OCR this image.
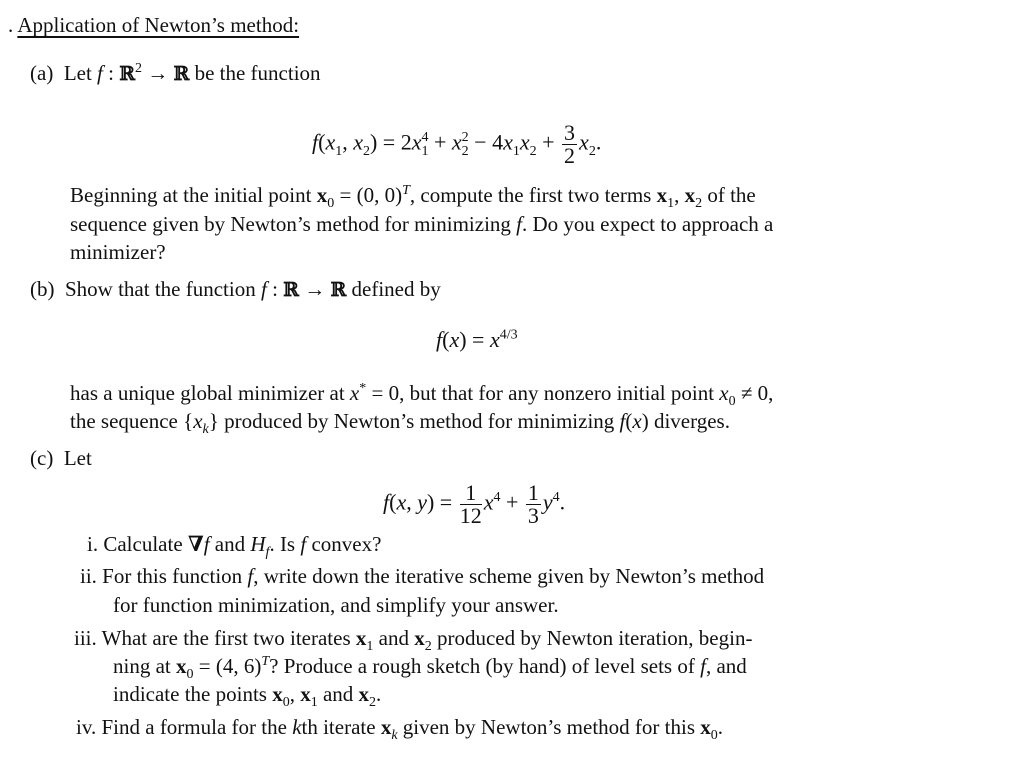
. Application of Newton’s method:
(a)  Let f : ℝ$^2$ → ℝ be the function
$f(x_1$, $x_2) = 2x_1^4 + x_2^2 - 4x_1x_2 + \frac{3}{2} x_2$.
Beginning at the initial point $x_0 = (0$, 0)$^T$, compute the first two terms $x_1$, $x_2$ of the
sequence given by Newton’s method for minimizing f. Do you expect to approach a
minimizer?
(b) Show that the function f : ℝ → ℝ defined by
$f(x) = x^{4/3}$
has a unique global minimizer at x* = 0, but that for any nonzero initial point $x_0 \ne 0$,
the sequence $\{x_k\}$ produced by Newton’s method for minimizing f(x) diverges.
(c) Let
f(x, $y) = \frac{1}{12} x^4 + \frac{1}{3} y^4$.
i. Calculate ∇f and $H_f$. Is f convex?
ii. For this function f, write down the iterative scheme given by Newton’s method
for function minimization, and simplify your answer.
iii. What are the first two iterates $x_1$ and $x_2$ produced by Newton iteration, begin-
ning at $x_0 = (4$, 6)$^T$? Produce a rough sketch (by hand) of level sets of f, and
indicate the points $x_0$, $x_1$ and $x_2$.
iv. Find a formula for the kth iterate $x_k$ given by Newton’s method for this $x_0$.
